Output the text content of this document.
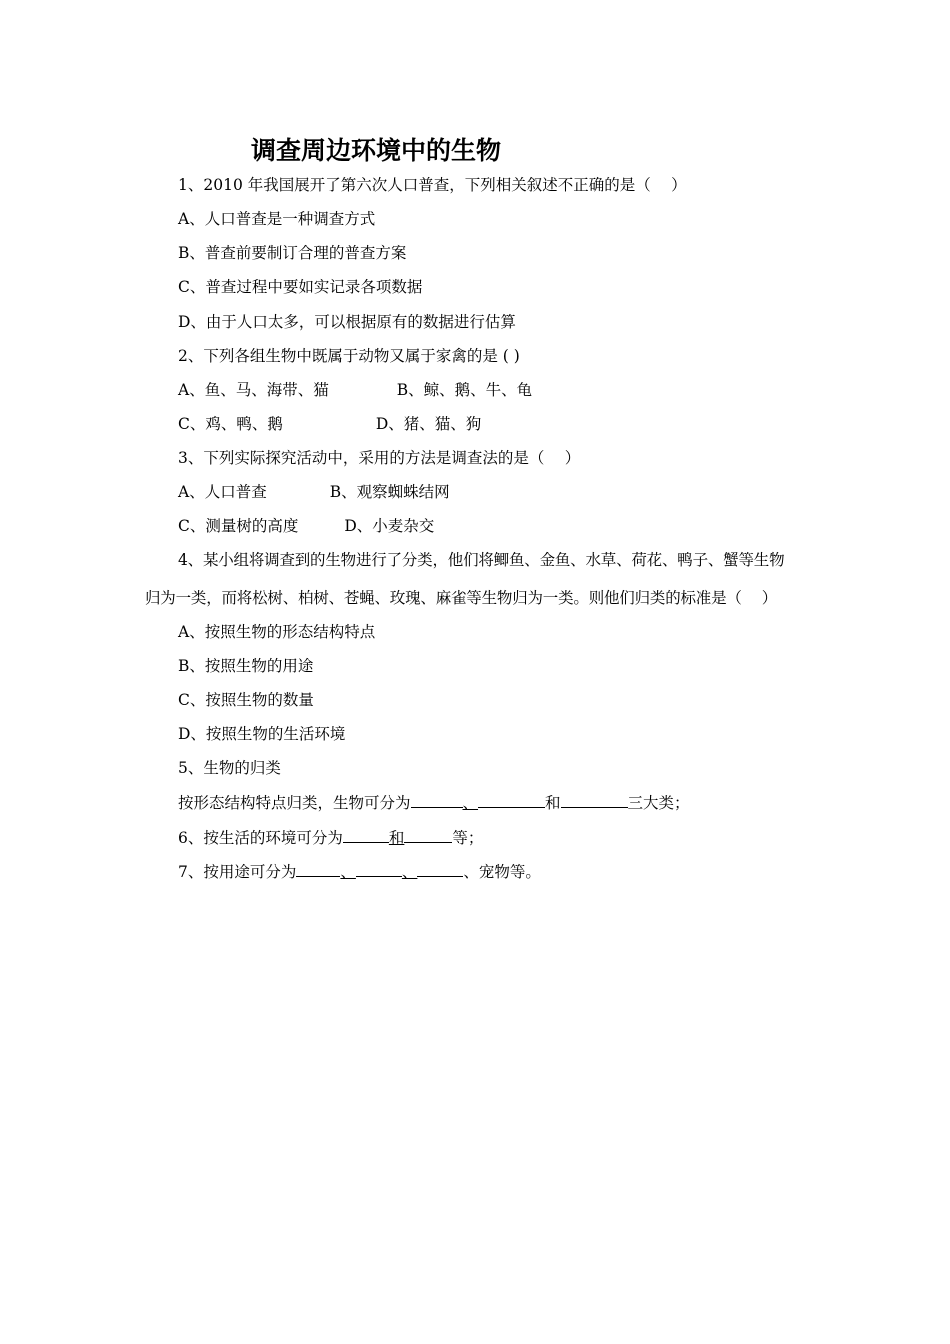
调查周边环境中的生物
1、2010 年我国展开了第六次人口普查，下列相关叙述不正确的是（　 ）
A、人口普查是一种调查方式
B、普查前要制订合理的普查方案
C、普查过程中要如实记录各项数据
D、由于人口太多，可以根据原有的数据进行估算
2、下列各组生物中既属于动物又属于家禽的是 ( )
A、鱼、马、海带、猫	B、鲸、鹅、牛、龟
C、鸡、鸭、鹅	D、猪、猫、狗
3、下列实际探究活动中，采用的方法是调查法的是（　 ）
A、人口普查	B、观察蜘蛛结网
C、测量树的高度	D、小麦杂交
4、某小组将调查到的生物进行了分类，他们将鲫鱼、金鱼、水草、荷花、鸭子、蟹等生物
归为一类，而将松树、柏树、苍蝇、玫瑰、麻雀等生物归为一类。则他们归类的标准是（　 ）
A、按照生物的形态结构特点
B、按照生物的用途
C、按照生物的数量
D、按照生物的生活环境
5、生物的归类
按形态结构特点归类，生物可分为	、	和	三大类；
6、按生活的环境可分为	和	等；
7、按用途可分为	、	、	、宠物等。
